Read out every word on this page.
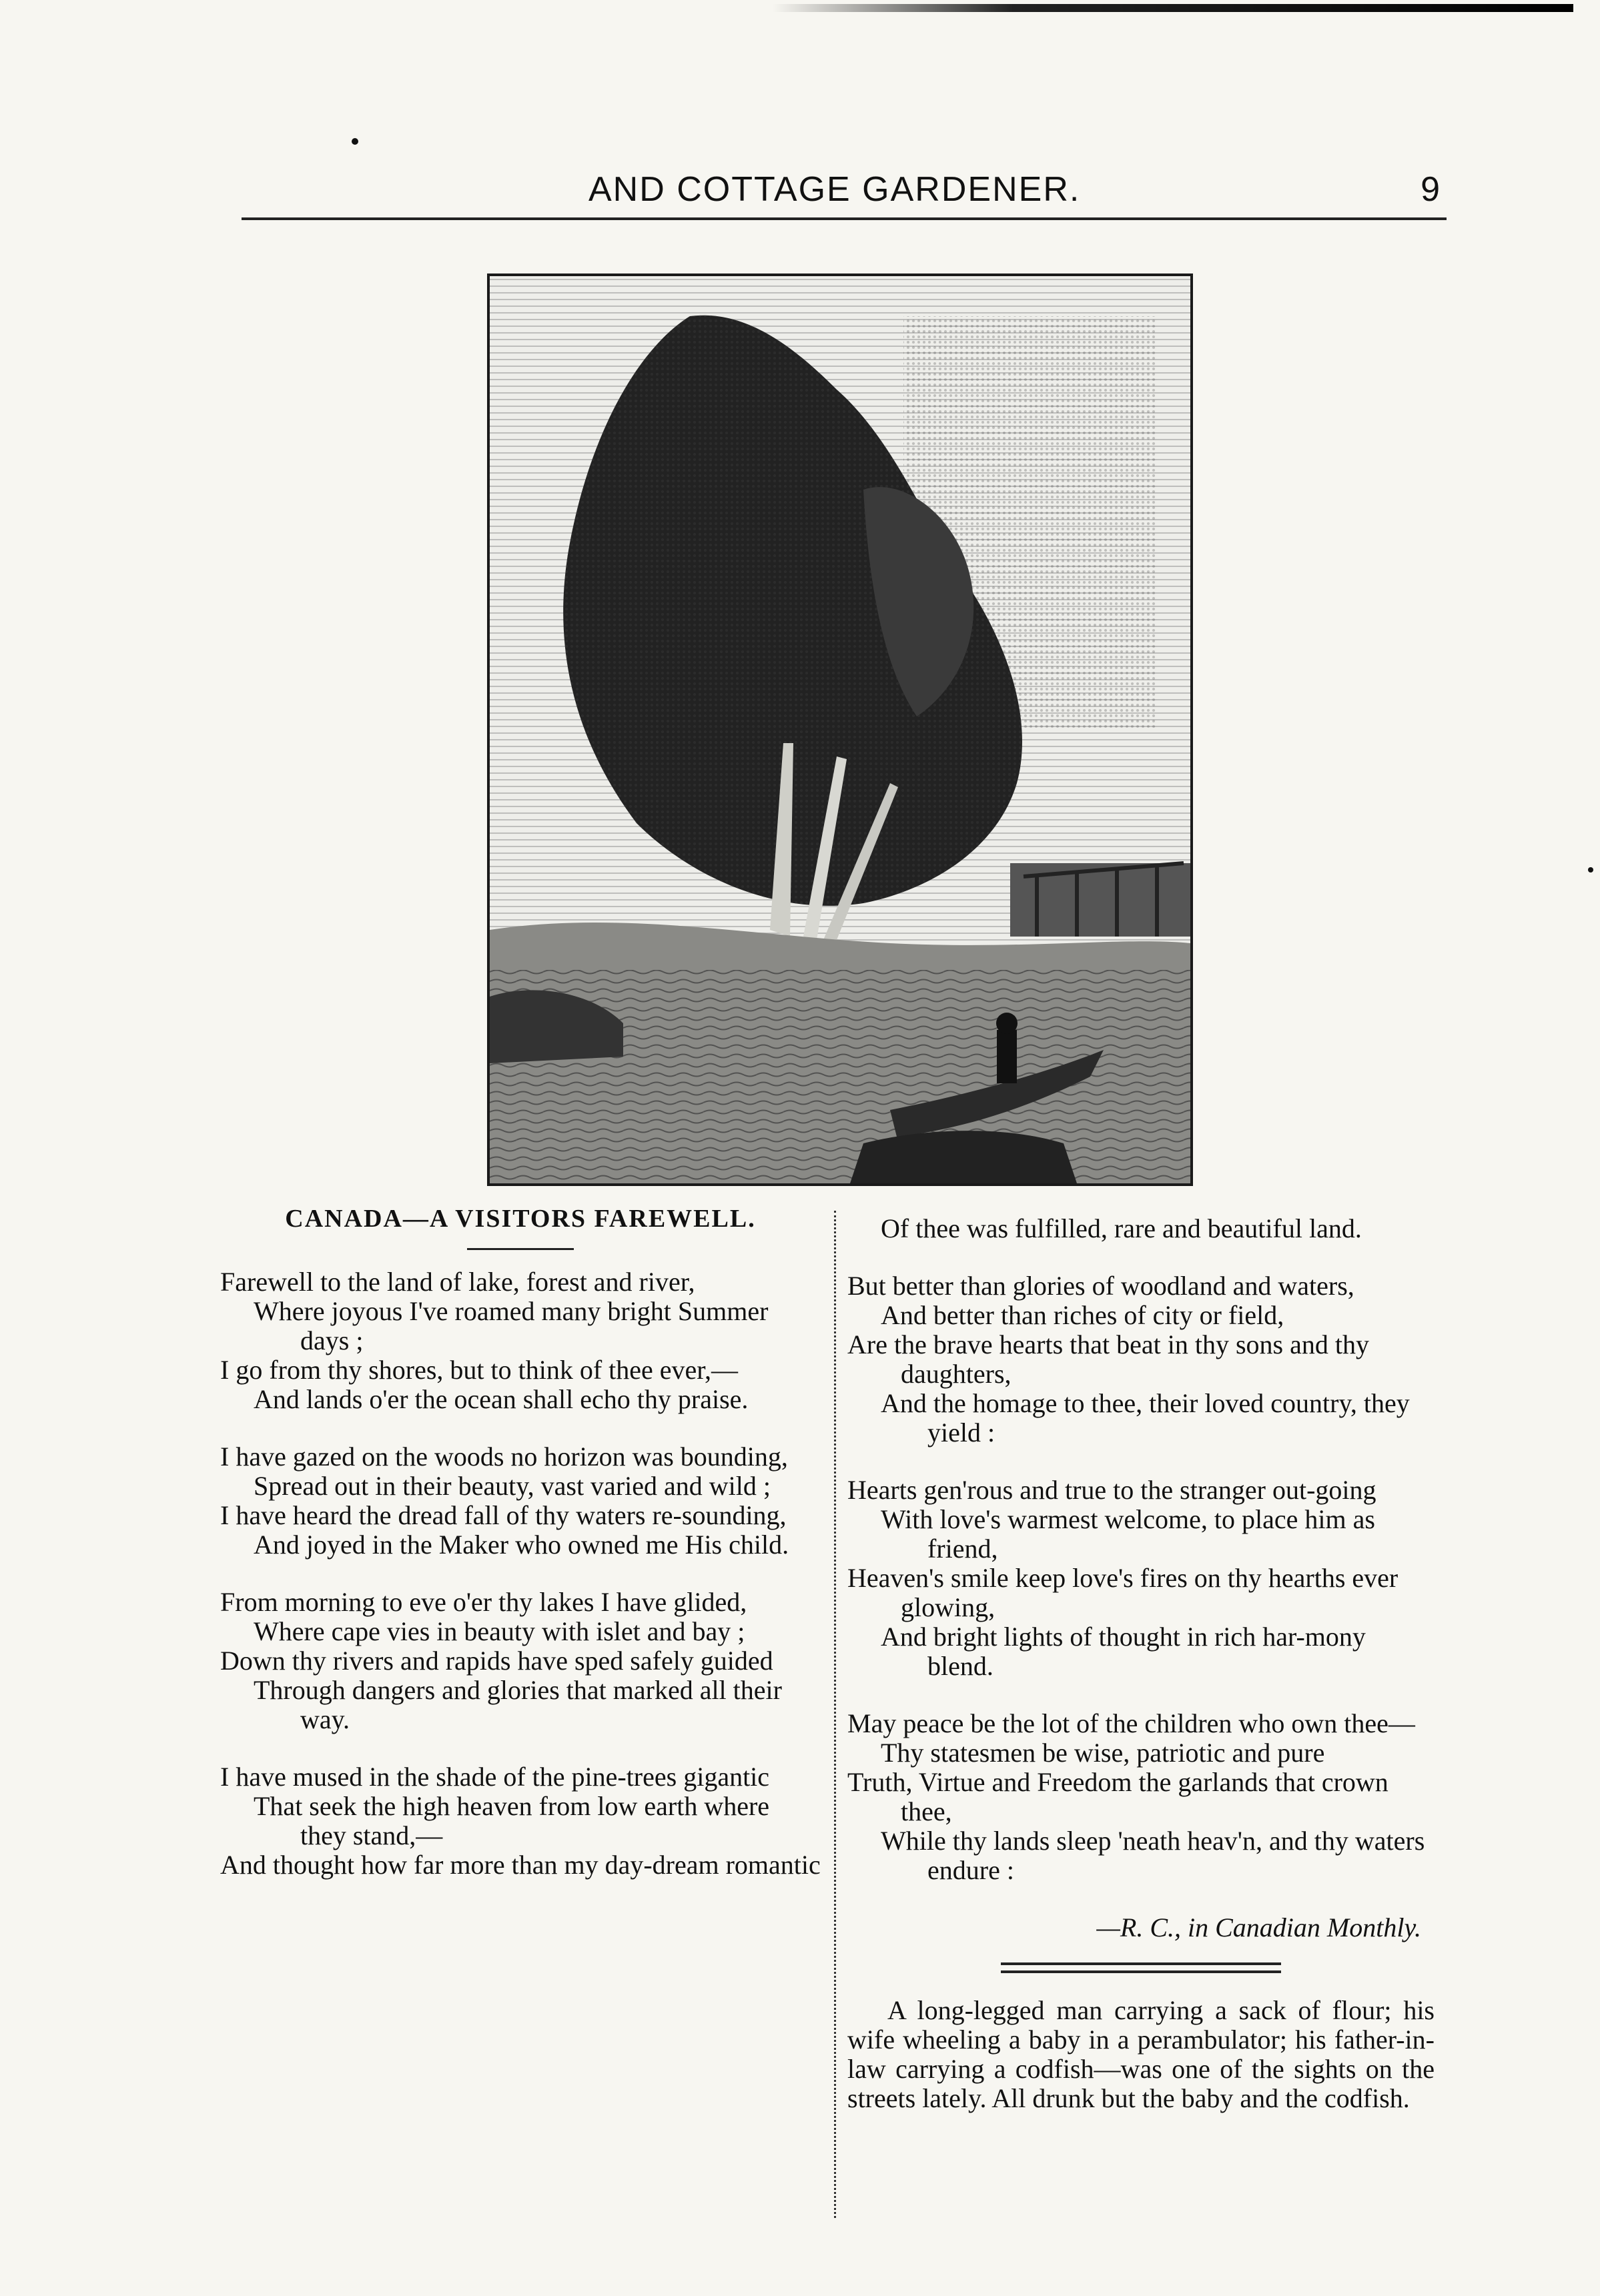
AND COTTAGE GARDENER.	9
CANADA—A VISITORS FAREWELL.

Farewell to the land of lake, forest and river,

Where joyous I've roamed many bright Summer days ;

I go from thy shores, but to think of thee ever,—

And lands o'er the ocean shall echo thy praise.

I have gazed on the woods no horizon was bounding,

Spread out in their beauty, vast varied and wild ;

I have heard the dread fall of thy waters re-sounding,

And joyed in the Maker who owned me His child.

From morning to eve o'er thy lakes I have glided,

Where cape vies in beauty with islet and bay ;

Down thy rivers and rapids have sped safely guided

Through dangers and glories that marked all their way.

I have mused in the shade of the pine-trees gigantic

That seek the high heaven from low earth where they stand,—

And thought how far more than my day-dream romantic

Of thee was fulfilled, rare and beautiful land.

But better than glories of woodland and waters,

And better than riches of city or field,

Are the brave hearts that beat in thy sons and thy daughters,

And the homage to thee, their loved country, they yield :

Hearts gen'rous and true to the stranger out-going

With love's warmest welcome, to place him as friend,

Heaven's smile keep love's fires on thy hearths ever glowing,

And bright lights of thought in rich har-mony blend.

May peace be the lot of the children who own thee—

Thy statesmen be wise, patriotic and pure

Truth, Virtue and Freedom the garlands that crown thee,

While thy lands sleep 'neath heav'n, and thy waters endure :

—R. C., in Canadian Monthly.

A long-legged man carrying a sack of flour; his wife wheeling a baby in a perambulator; his father-in-law carrying a codfish—was one of the sights on the streets lately. All drunk but the baby and the codfish.
